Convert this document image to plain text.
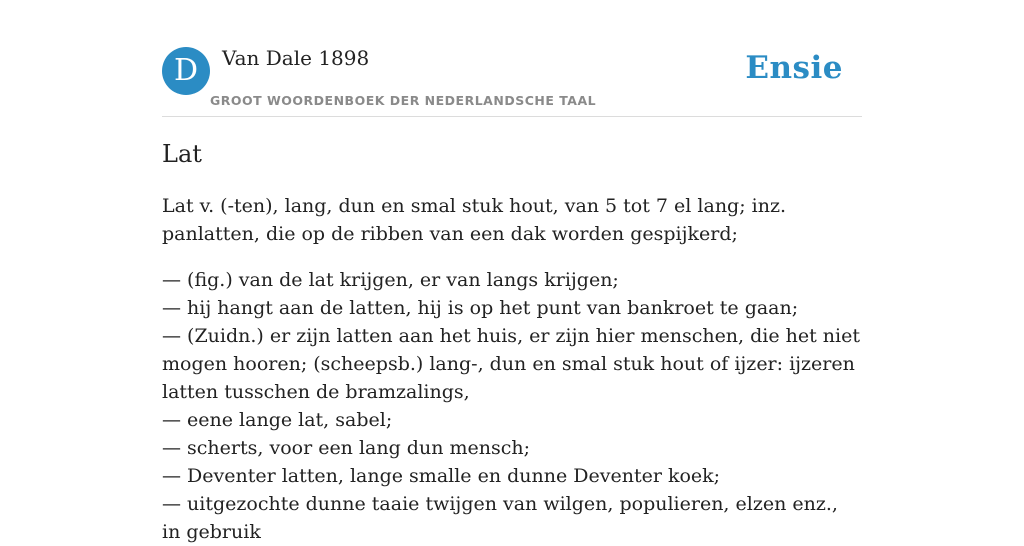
D	Van Dale 1898
GROOT WOORDENBOEK DER NEDERLANDSCHE TAAL
Ensie
Lat

Lat v. (-ten), lang, dun en smal stuk hout, van 5 tot 7 el lang; inz. panlatten, die op de ribben van een dak worden gespijkerd;

— (fig.) van de lat krijgen, er van langs krijgen;
— hij hangt aan de latten, hij is op het punt van bankroet te gaan;
— (Zuidn.) er zijn latten aan het huis, er zijn hier menschen, die het niet mogen hooren; (scheepsb.) lang-, dun en smal stuk hout of ijzer: ijzeren latten tusschen de bramzalings,
— eene lange lat, sabel;
— scherts, voor een lang dun mensch;
— Deventer latten, lange smalle en dunne Deventer koek;
— uitgezochte dunne taaie twijgen van wilgen, populieren, elzen enz., in gebruik
